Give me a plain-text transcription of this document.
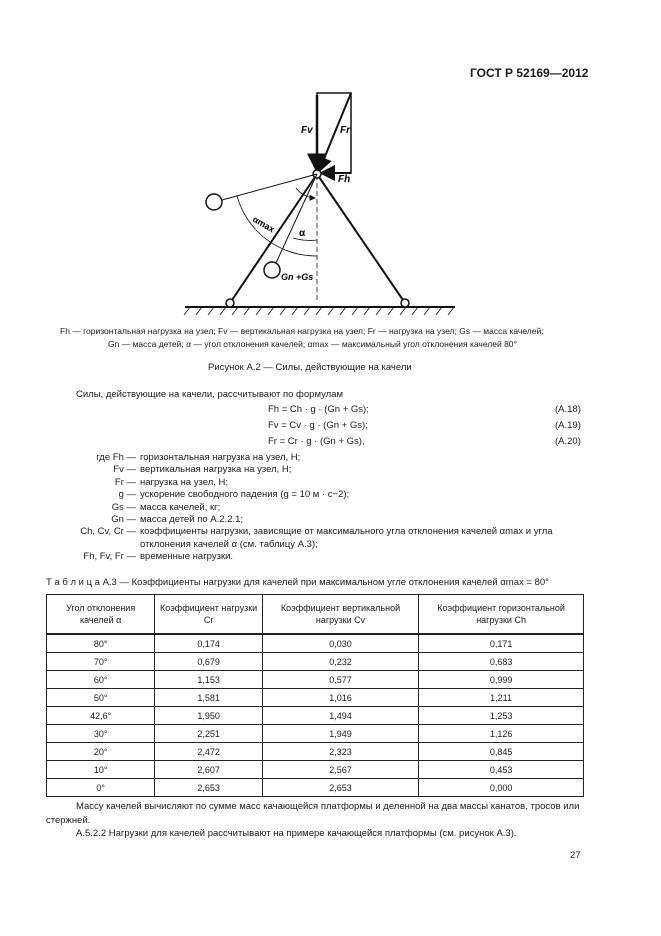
ГОСТ Р 52169—2012
Fv	Fr
Fh
α
αmax
Gn +Gs
Fh — горизонтальная нагрузка на узел; Fv — вертикальная нагрузка на узел; Fr — нагрузка на узел; Gs — масса качелей;
Gn — масса детей; α — угол отклонения качелей; αmax — максимальный угол отклонения качелей 80°
Рисунок А.2 — Силы, действующие на качели
Силы, действующие на качели, рассчитывают по формулам
Fh = Ch · g · (Gn + Gs);	(А.18)
Fv = Cv · g · (Gn + Gs);	(А.19)
Fr = Cr · g · (Gn + Gs),	(А.20)
где Fh — горизонтальная нагрузка на узел, Н;
Fv — вертикальная нагрузка на узел, Н;
Fr — нагрузка на узел, Н;
g — ускорение свободного падения (g = 10 м · с−2);
Gs — масса качелей, кг;
Gn — масса детей по А.2.2.1;
Ch, Cv, Cr — коэффициенты нагрузки, зависящие от максимального угла отклонения качелей αmax и угла отклонения качелей α (см. таблицу А.3);
Fh, Fv, Fr — временные нагрузки.
Т а б л и ц а А.3 — Коэффициенты нагрузки для качелей при максимальном угле отклонения качелей αmax = 80°
Угол отклонения качелей α	Коэффициент нагрузки Cr	Коэффициент вертикальной нагрузки Cv	Коэффициент горизонтальной нагрузки Ch
80°	0,174	0,030	0,171
70°	0,679	0,232	0,683
60°	1,153	0,577	0,999
50°	1,581	1,016	1,211
42,6°	1,950	1,494	1,253
30°	2,251	1,949	1,126
20°	2,472	2,323	0,845
10°	2,607	2,567	0,453
0°	2,653	2,653	0,000
Массу качелей вычисляют по сумме масс качающейся платформы и деленной на два массы канатов, тросов или стержней.
А.5.2.2 Нагрузки для качелей рассчитывают на примере качающейся платформы (см. рисунок А.3).
27
